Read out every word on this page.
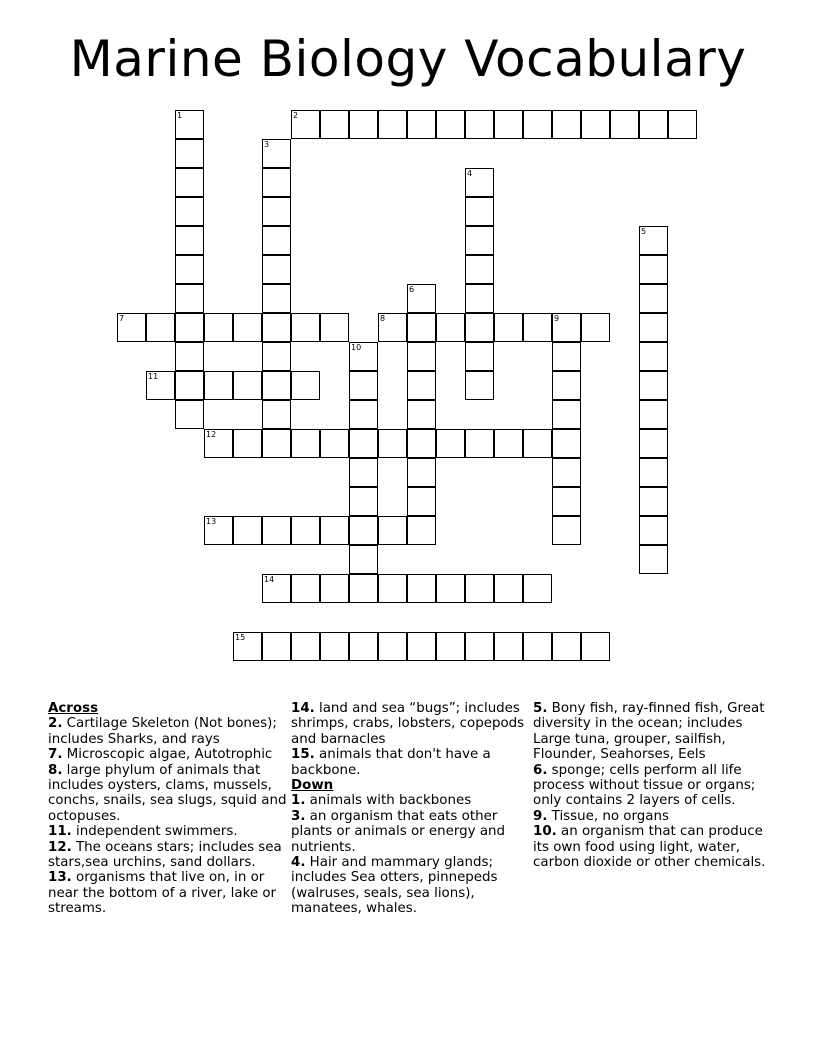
Marine Biology Vocabulary
1	2
3
4
5
6
7	8	9
10
11
12
13
14
15

Across

2. Cartilage Skeleton (Not bones); includes Sharks, and rays

7. Microscopic algae, Autotrophic

8. large phylum of animals that includes oysters, clams, mussels, conchs, snails, sea slugs, squid and octopuses.

11. independent swimmers.

12. The oceans stars; includes sea stars,sea urchins, sand dollars.

13. organisms that live on, in or near the bottom of a river, lake or streams.

14. land and sea “bugs”; includes shrimps, crabs, lobsters, copepods and barnacles

15. animals that don't have a backbone.

Down

1. animals with backbones

3. an organism that eats other plants or animals or energy and nutrients.

4. Hair and mammary glands; includes Sea otters, pinnepeds (walruses, seals, sea lions), manatees, whales.

5. Bony fish, ray-finned fish, Great diversity in the ocean; includes Large tuna, grouper, sailfish, Flounder, Seahorses, Eels

6. sponge; cells perform all life process without tissue or organs; only contains 2 layers of cells.

9. Tissue, no organs

10. an organism that can produce its own food using light, water, carbon dioxide or other chemicals.
